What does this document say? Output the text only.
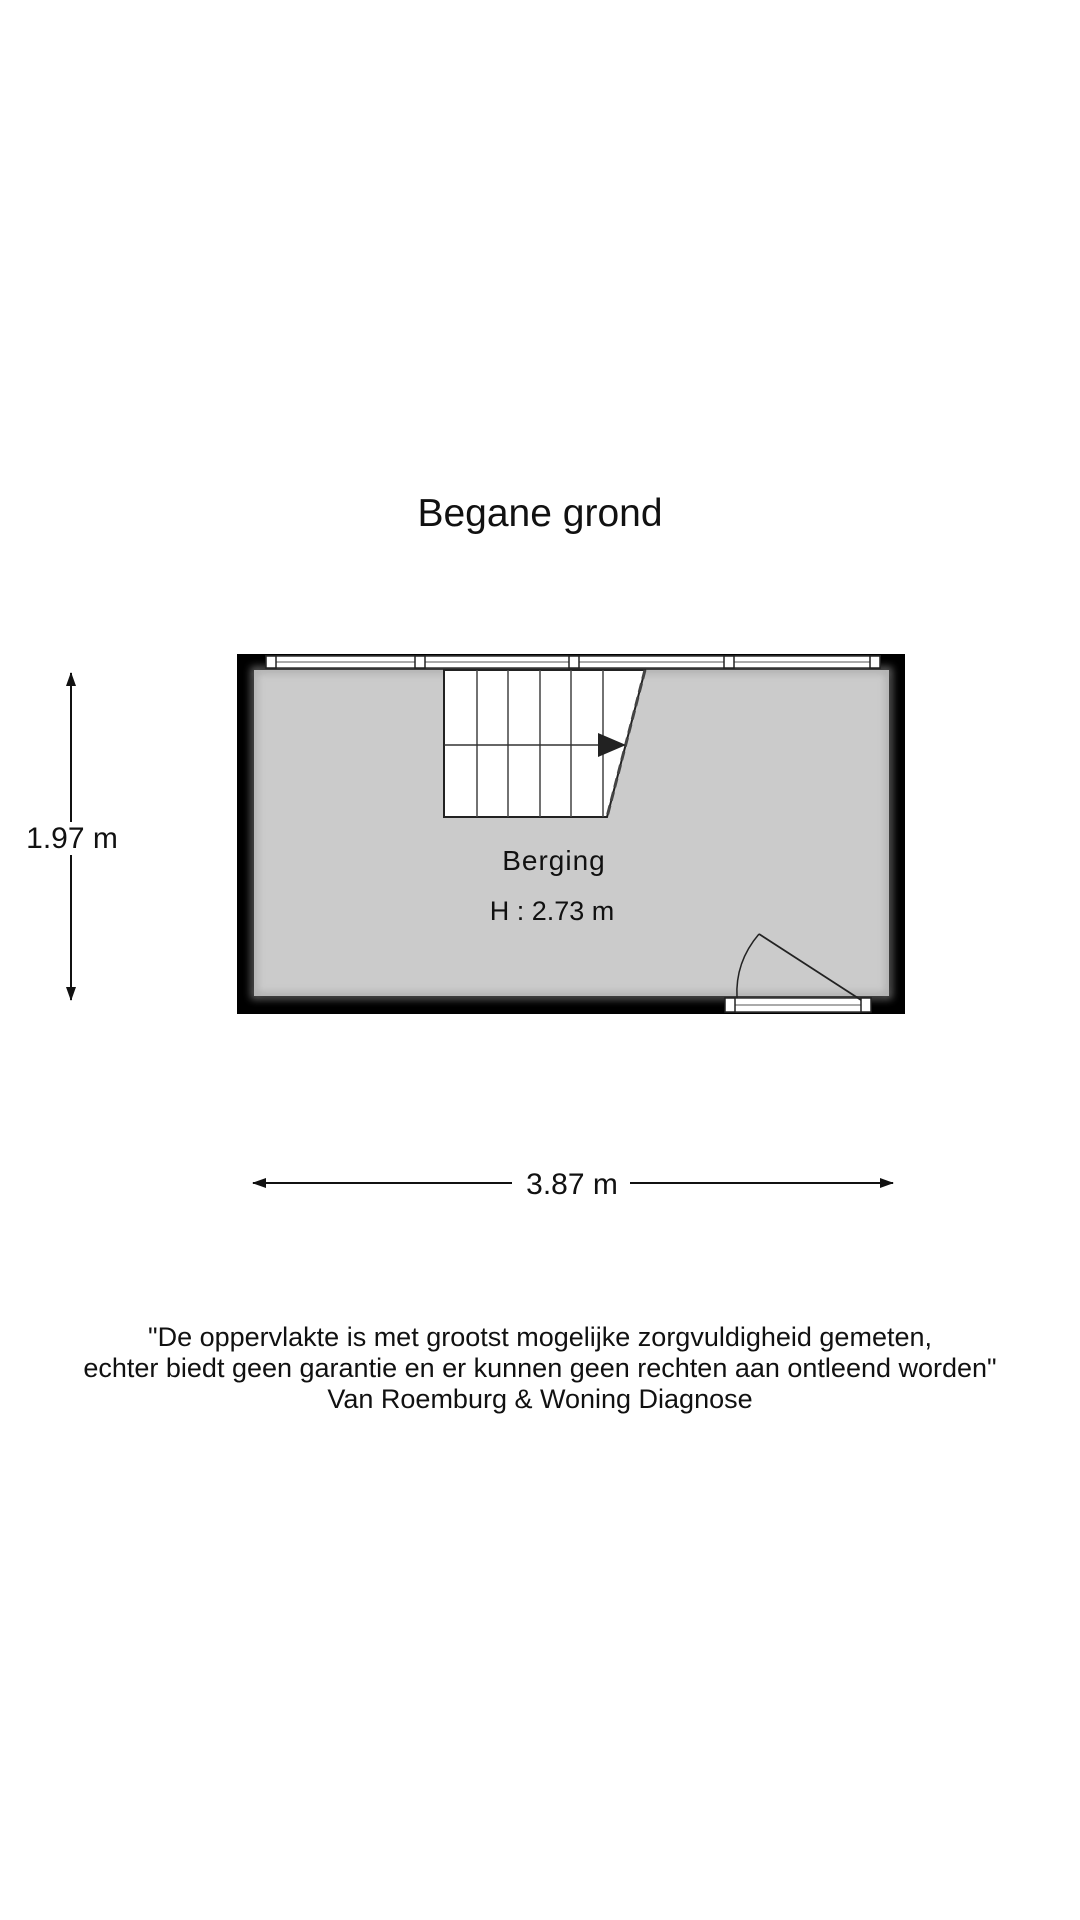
Begane grond
Berging
H : 2.73 m
1.97 m
3.87 m
"De oppervlakte is met grootst mogelijke zorgvuldigheid gemeten,
echter biedt geen garantie en er kunnen geen rechten aan ontleend worden"
Van Roemburg & Woning Diagnose
